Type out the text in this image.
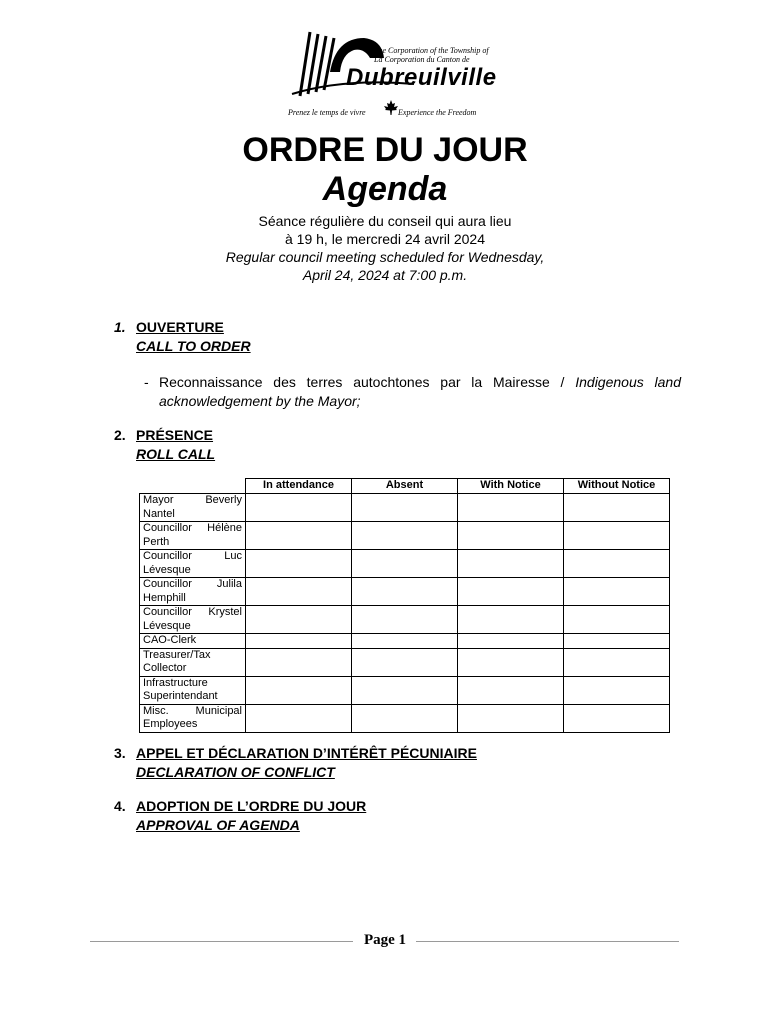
The Corporation of the Township of
La Corporation du Canton de
Dubreuilville
Prenez le temps de vivre	Experience the Freedom
ORDRE DU JOUR
Agenda
Séance régulière du conseil qui aura lieu
à 19 h, le mercredi 24 avril 2024
Regular council meeting scheduled for Wednesday,
April 24, 2024 at 7:00 p.m.
1. OUVERTURE
CALL TO ORDER
- Reconnaissance des terres autochtones par la Mairesse / Indigenous land acknowledgement by the Mayor;
2. PRÉSENCE
ROLL CALL
	In attendance	Absent	With Notice	Without Notice
Mayor Beverly Nantel				
Councillor Hélène Perth				
Councillor Luc Lévesque				
Councillor Julila Hemphill				
Councillor Krystel Lévesque				
CAO-Clerk				
Treasurer/Tax Collector				
Infrastructure Superintendant				
Misc. Municipal Employees				
3. APPEL ET DÉCLARATION D’INTÉRÊT PÉCUNIAIRE
DECLARATION OF CONFLICT
4. ADOPTION DE L’ORDRE DU JOUR
APPROVAL OF AGENDA
Page 1
